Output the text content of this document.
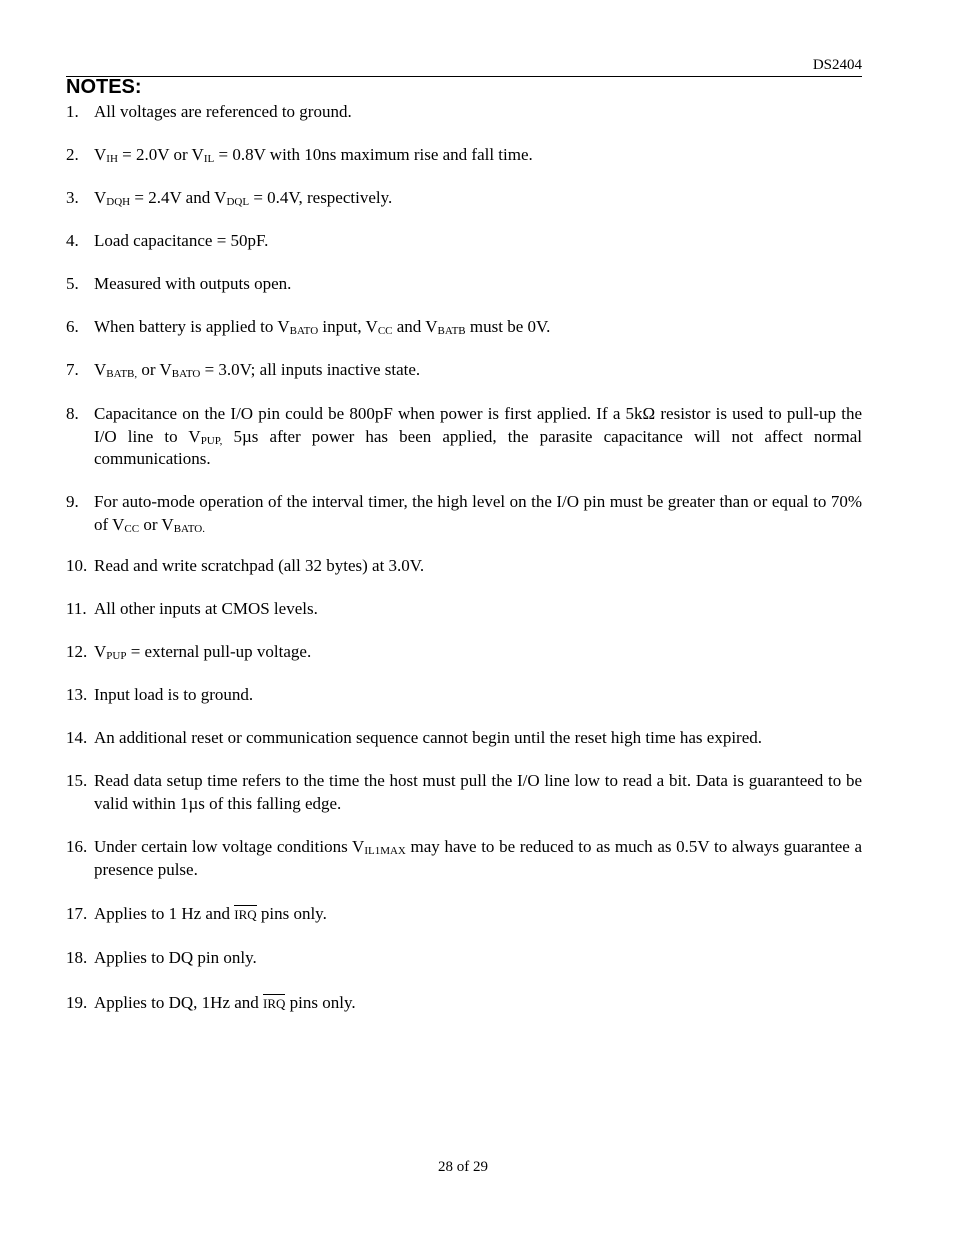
DS2404
NOTES:
1. All voltages are referenced to ground.
2. $V_{IH} = 2.0V$ or $V_{IL} = 0.8V$ with 10ns maximum rise and fall time.
3. $V_{DQH} = 2.4V$ and $V_{DQL} = 0.4V$, respectively.
4. Load capacitance = 50pF.
5. Measured with outputs open.
6. When battery is applied to $V_{BATO}$ input, $V_{CC}$ and $V_{BATB}$ must be 0V.
7. $V_{BATB,}$ or $V_{BATO} = 3.0V$; all inputs inactive state.
8. Capacitance on the I/O pin could be 800pF when power is first applied. If a 5kΩ resistor is used to pull-up the I/O line to $V_{PUP,}$ 5µs after power has been applied, the parasite capacitance will not affect normal communications.
9. For auto-mode operation of the interval timer, the high level on the I/O pin must be greater than or equal to 70% of $V_{CC}$ or $V_{BATO.}$
10. Read and write scratchpad (all 32 bytes) at 3.0V.
11. All other inputs at CMOS levels.
12. $V_{PUP}$ = external pull-up voltage.
13. Input load is to ground.
14. An additional reset or communication sequence cannot begin until the reset high time has expired.
15. Read data setup time refers to the time the host must pull the I/O line low to read a bit. Data is guaranteed to be valid within 1µs of this falling edge.
16. Under certain low voltage conditions $V_{IL1MAX}$ may have to be reduced to as much as 0.5V to always guarantee a presence pulse.
17. Applies to 1 Hz and IRQ pins only.
18. Applies to DQ pin only.
19. Applies to DQ, 1Hz and IRQ pins only.
28 of 29
